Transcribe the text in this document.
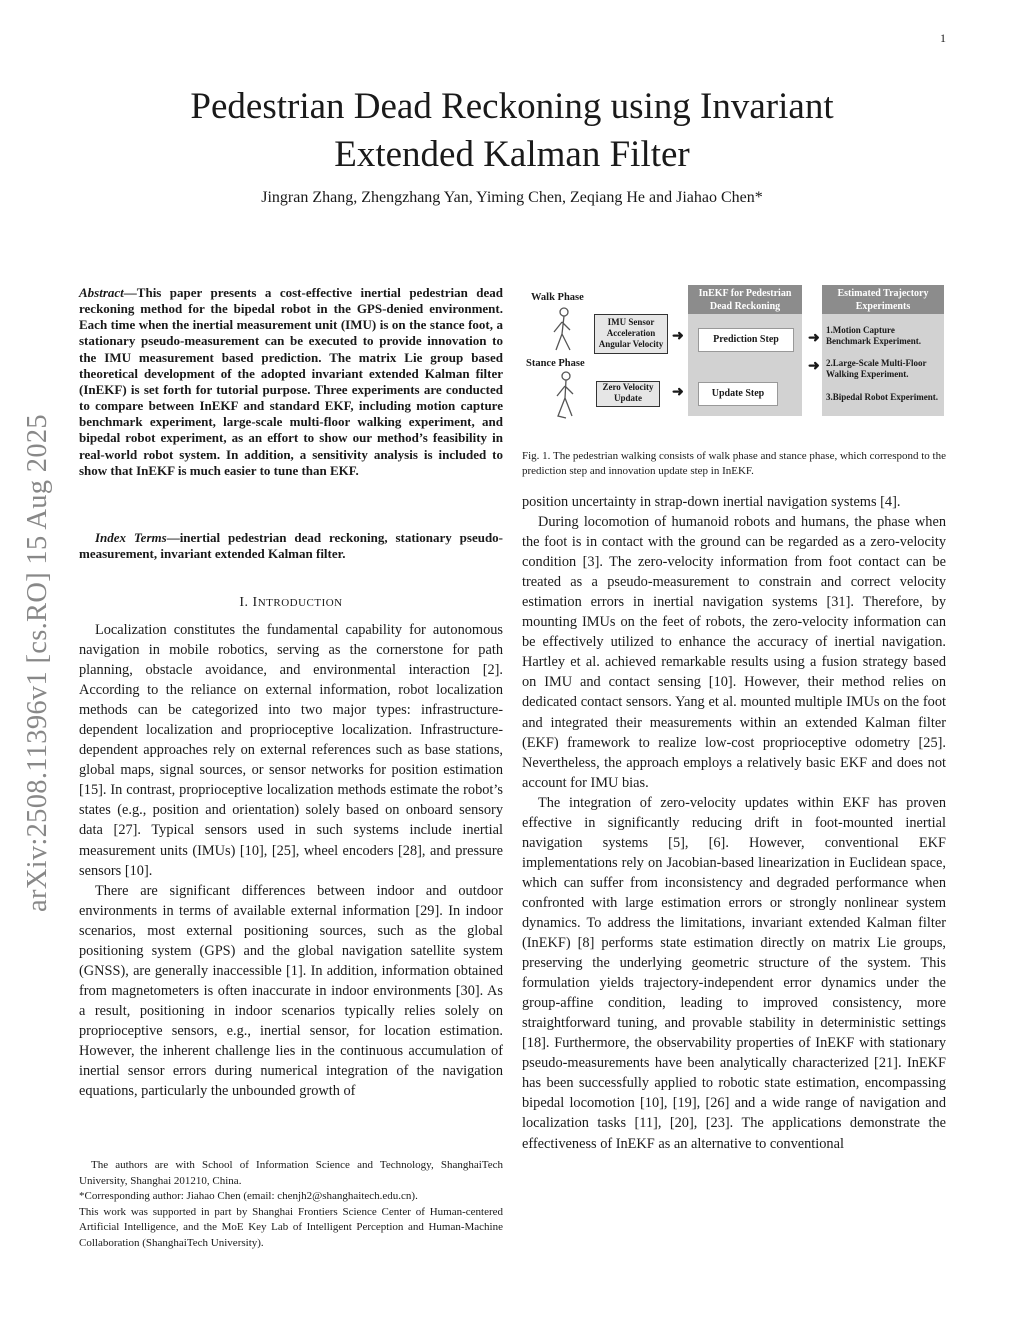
1
arXiv:2508.11396v1 [cs.RO] 15 Aug 2025
Pedestrian Dead Reckoning using Invariant
Extended Kalman Filter
Jingran Zhang, Zhengzhang Yan, Yiming Chen, Zeqiang He and Jiahao Chen*

Abstract—This paper presents a cost-effective inertial pedestrian dead reckoning method for the bipedal robot in the GPS-denied environment. Each time when the inertial measurement unit (IMU) is on the stance foot, a stationary pseudo-measurement can be executed to provide innovation to the IMU measurement based prediction. The matrix Lie group based theoretical development of the adopted invariant extended Kalman filter (InEKF) is set forth for tutorial purpose. Three experiments are conducted to compare between InEKF and standard EKF, including motion capture benchmark experiment, large-scale multi-floor walking experiment, and bipedal robot experiment, as an effort to show our method’s feasibility in real-world robot system. In addition, a sensitivity analysis is included to show that InEKF is much easier to tune than EKF.

Index Terms—inertial pedestrian dead reckoning, stationary pseudo-measurement, invariant extended Kalman filter.

I. INTRODUCTION

Localization constitutes the fundamental capability for autonomous navigation in mobile robotics, serving as the cornerstone for path planning, obstacle avoidance, and environmental interaction [2]. According to the reliance on external information, robot localization methods can be categorized into two major types: infrastructure-dependent localization and proprioceptive localization. Infrastructure-dependent approaches rely on external references such as base stations, global maps, signal sources, or sensor networks for position estimation [15]. In contrast, proprioceptive localization methods estimate the robot’s states (e.g., position and orientation) solely based on onboard sensory data [27]. Typical sensors used in such systems include inertial measurement units (IMUs) [10], [25], wheel encoders [28], and pressure sensors [10].

There are significant differences between indoor and outdoor environments in terms of available external information [29]. In indoor scenarios, most external positioning sources, such as the global positioning system (GPS) and the global navigation satellite system (GNSS), are generally inaccessible [1]. In addition, information obtained from magnetometers is often inaccurate in indoor environments [30]. As a result, positioning in indoor scenarios typically relies solely on proprioceptive sensors, e.g., inertial sensor, for location estimation. However, the inherent challenge lies in the continuous accumulation of inertial sensor errors during numerical integration of the navigation equations, particularly the unbounded growth of

The authors are with School of Information Science and Technology, ShanghaiTech University, Shanghai 201210, China.

*Corresponding author: Jiahao Chen (email: chenjh2@shanghaitech.edu.cn).

This work was supported in part by Shanghai Frontiers Science Center of Human-centered Artificial Intelligence, and the MoE Key Lab of Intelligent Perception and Human-Machine Collaboration (ShanghaiTech University).

Walk Phase
Stance Phase
IMU Sensor Acceleration Angular Velocity
Zero Velocity Update
➜
➜
InEKF for Pedestrian Dead Reckoning
Prediction Step
Update Step
➜
➜
Estimated Trajectory Experiments
1.Motion Capture Benchmark Experiment.
2.Large-Scale Multi-Floor Walking Experiment.
3.Bipedal Robot Experiment.
Fig. 1. The pedestrian walking consists of walk phase and stance phase, which correspond to the prediction step and innovation update step in InEKF.

position uncertainty in strap-down inertial navigation systems [4].

During locomotion of humanoid robots and humans, the phase when the foot is in contact with the ground can be regarded as a zero-velocity condition [3]. The zero-velocity information from foot contact can be treated as a pseudo-measurement to constrain and correct velocity estimation errors in inertial navigation systems [31]. Therefore, by mounting IMUs on the feet of robots, the zero-velocity information can be effectively utilized to enhance the accuracy of inertial navigation. Hartley et al. achieved remarkable results using a fusion strategy based on IMU and contact sensing [10]. However, their method relies on dedicated contact sensors. Yang et al. mounted multiple IMUs on the foot and integrated their measurements within an extended Kalman filter (EKF) framework to realize low-cost proprioceptive odometry [25]. Nevertheless, the approach employs a relatively basic EKF and does not account for IMU bias.

The integration of zero-velocity updates within EKF has proven effective in significantly reducing drift in foot-mounted inertial navigation systems [5], [6]. However, conventional EKF implementations rely on Jacobian-based linearization in Euclidean space, which can suffer from inconsistency and degraded performance when confronted with large estimation errors or strongly nonlinear system dynamics. To address the limitations, invariant extended Kalman filter (InEKF) [8] performs state estimation directly on matrix Lie groups, preserving the underlying geometric structure of the system. This formulation yields trajectory-independent error dynamics under the group-affine condition, leading to improved consistency, more straightforward tuning, and provable stability in deterministic settings [18]. Furthermore, the observability properties of InEKF with stationary pseudo-measurements have been analytically characterized [21]. InEKF has been successfully applied to robotic state estimation, encompassing bipedal locomotion [10], [19], [26] and a wide range of navigation and localization tasks [11], [20], [23]. The applications demonstrate the effectiveness of InEKF as an alternative to conventional
